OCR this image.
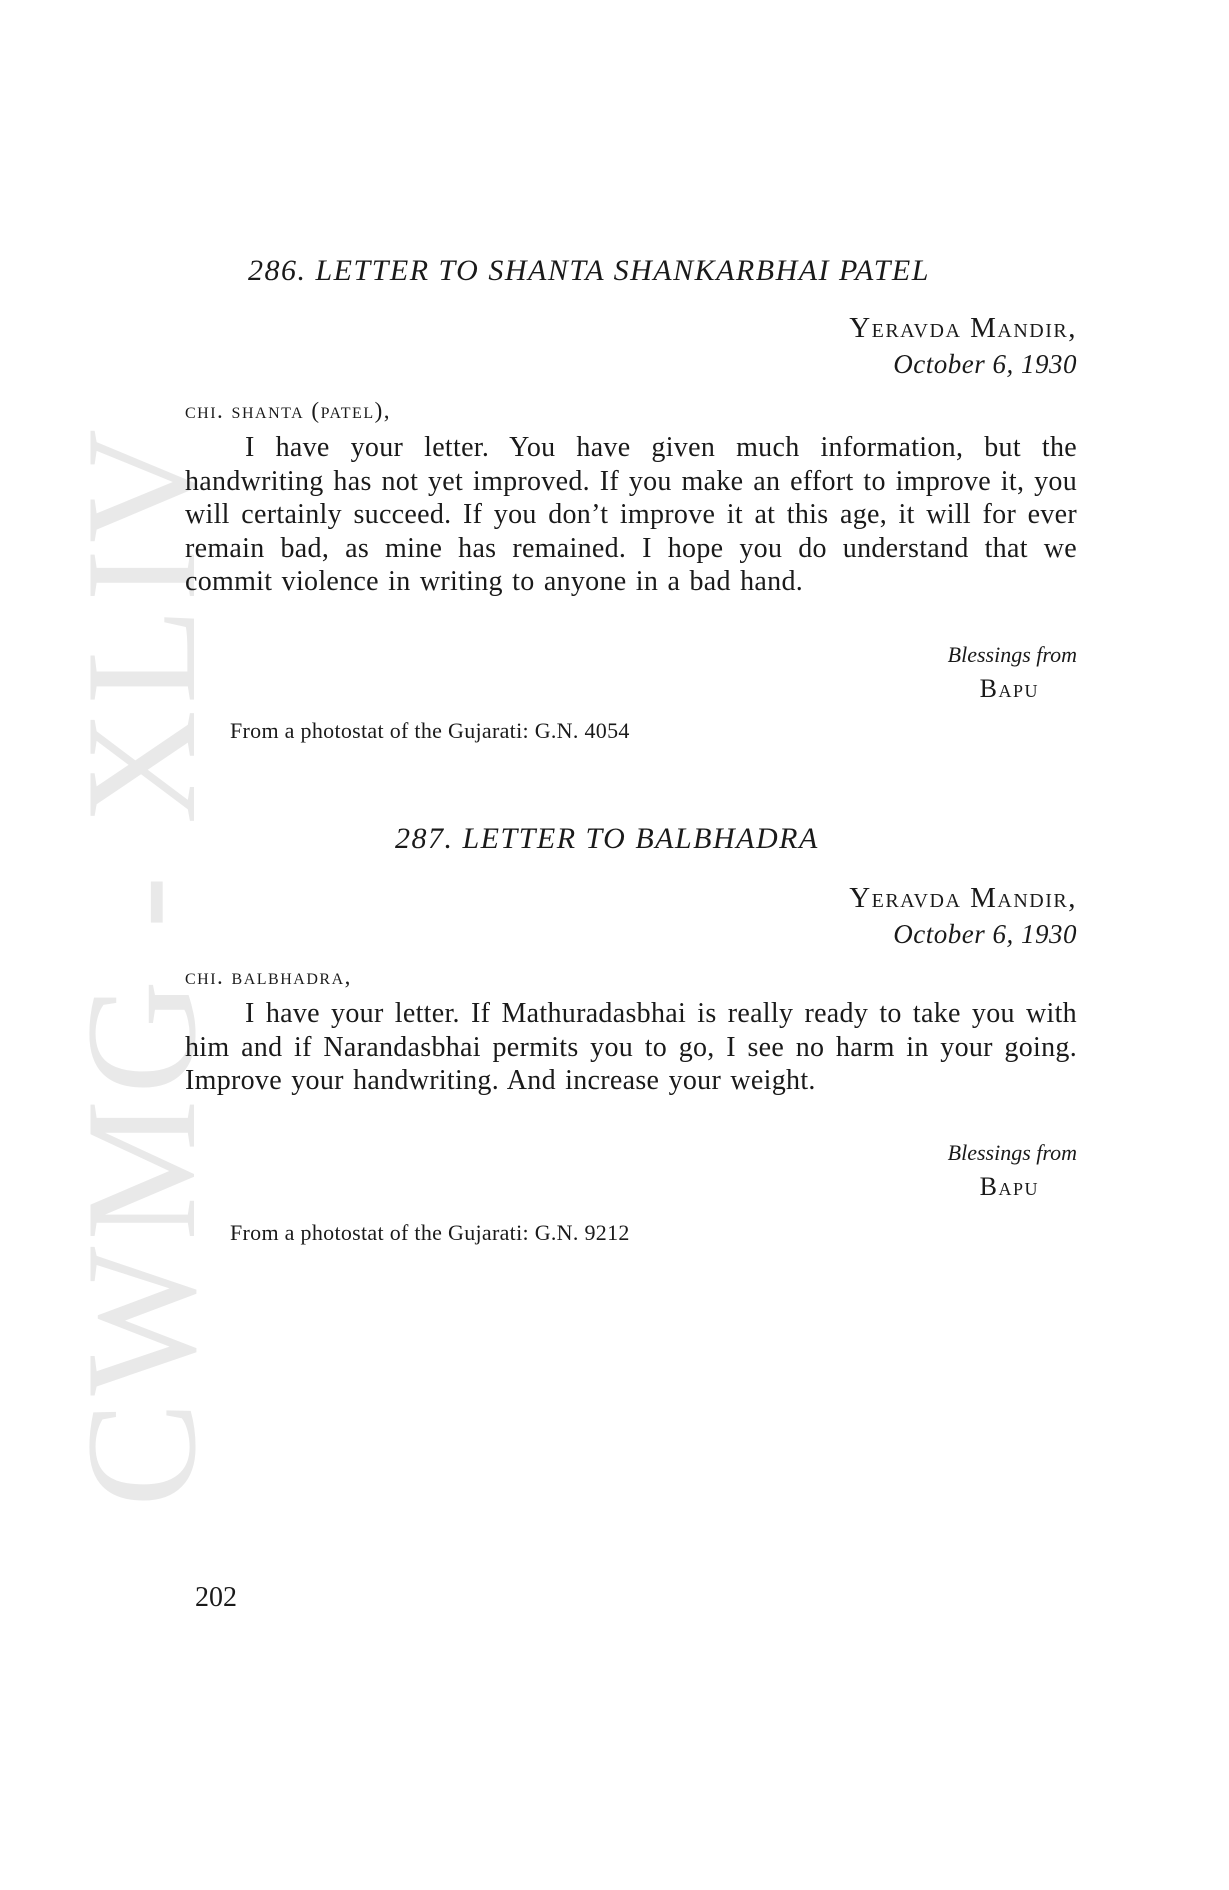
CWMG - XLIV
286. LETTER TO SHANTA SHANKARBHAI PATEL
Yeravda Mandir,
October 6, 1930
chi. shanta (patel),
I have your letter. You have given much information, but the handwriting has not yet improved. If you make an effort to improve it, you will certainly succeed. If you don’t improve it at this age, it will for ever remain bad, as mine has remained. I hope you do understand that we commit violence in writing to anyone in a bad hand.
Blessings from
Bapu
From a photostat of the Gujarati: G.N. 4054
287. LETTER TO BALBHADRA
Yeravda Mandir,
October 6, 1930
chi. balbhadra,
I have your letter. If Mathuradasbhai is really ready to take you with him and if Narandasbhai permits you to go, I see no harm in your going. Improve your handwriting. And increase your weight.
Blessings from
Bapu
From a photostat of the Gujarati: G.N. 9212
202
